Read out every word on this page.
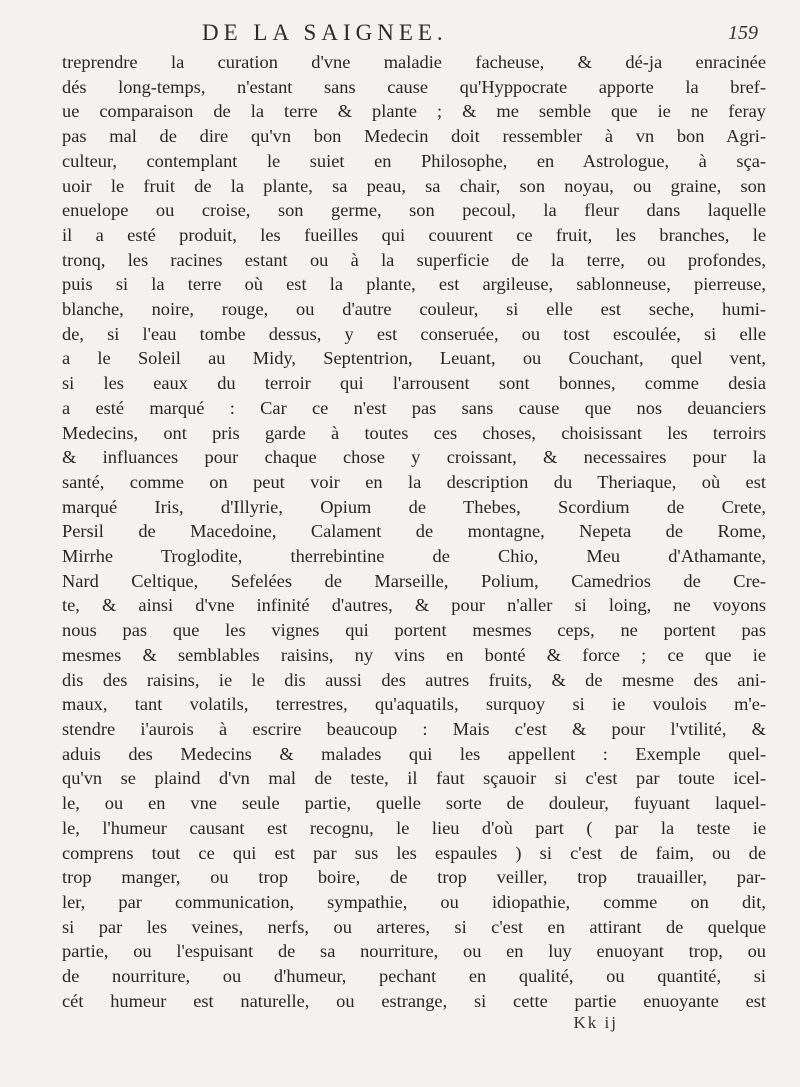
DE LA SAIGNEE.	159
treprendre la curation d'vne maladie facheuse, & dé-ja enracinée
dés long-temps, n'estant sans cause qu'Hyppocrate apporte la bref-
ue comparaison de la terre & plante ; & me semble que ie ne feray
pas mal de dire qu'vn bon Medecin doit ressembler à vn bon Agri-
culteur, contemplant le suiet en Philosophe, en Astrologue, à sça-
uoir le fruit de la plante, sa peau, sa chair, son noyau, ou graine, son
enuelope ou croise, son germe, son pecoul, la fleur dans laquelle
il a esté produit, les fueilles qui couurent ce fruit, les branches, le
tronq, les racines estant ou à la superficie de la terre, ou profondes,
puis si la terre où est la plante, est argileuse, sablonneuse, pierreuse,
blanche, noire, rouge, ou d'autre couleur, si elle est seche, humi-
de, si l'eau tombe dessus, y est conseruée, ou tost escoulée, si elle
a le Soleil au Midy, Septentrion, Leuant, ou Couchant, quel vent,
si les eaux du terroir qui l'arrousent sont bonnes, comme desia
a esté marqué : Car ce n'est pas sans cause que nos deuanciers
Medecins, ont pris garde à toutes ces choses, choisissant les terroirs
& influances pour chaque chose y croissant, & necessaires pour la
santé, comme on peut voir en la description du Theriaque, où est
marqué Iris, d'Illyrie, Opium de Thebes, Scordium de Crete,
Persil de Macedoine, Calament de montagne, Nepeta de Rome,
Mirrhe Troglodite, therrebintine de Chio, Meu d'Athamante,
Nard Celtique, Sefelées de Marseille, Polium, Camedrios de Cre-
te, & ainsi d'vne infinité d'autres, & pour n'aller si loing, ne voyons
nous pas que les vignes qui portent mesmes ceps, ne portent pas
mesmes & semblables raisins, ny vins en bonté & force ; ce que ie
dis des raisins, ie le dis aussi des autres fruits, & de mesme des ani-
maux, tant volatils, terrestres, qu'aquatils, surquoy si ie voulois m'e-
stendre i'aurois à escrire beaucoup : Mais c'est & pour l'vtilité, &
aduis des Medecins & malades qui les appellent : Exemple quel-
qu'vn se plaind d'vn mal de teste, il faut sçauoir si c'est par toute icel-
le, ou en vne seule partie, quelle sorte de douleur, fuyuant laquel-
le, l'humeur causant est recognu, le lieu d'où part ( par la teste ie
comprens tout ce qui est par sus les espaules ) si c'est de faim, ou de
trop manger, ou trop boire, de trop veiller, trop trauailler, par-
ler, par communication, sympathie, ou idiopathie, comme on dit,
si par les veines, nerfs, ou arteres, si c'est en attirant de quelque
partie, ou l'espuisant de sa nourriture, ou en luy enuoyant trop, ou
de nourriture, ou d'humeur, pechant en qualité, ou quantité, si
cét humeur est naturelle, ou estrange, si cette partie enuoyante est
Kk ij
